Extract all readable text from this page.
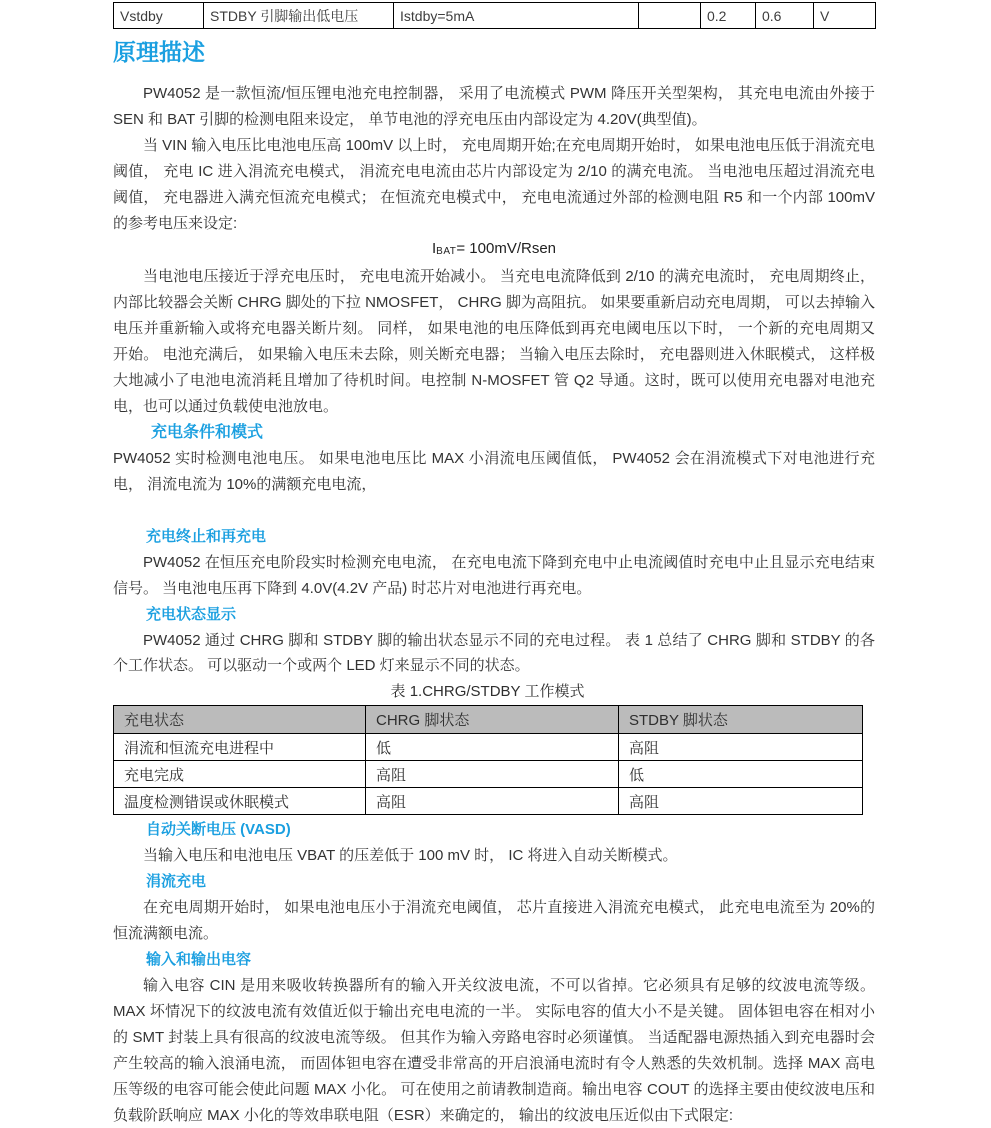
Vstdby	STDBY 引脚输出低电压	Istdby=5mA		0.2	0.6	V
原理描述

PW4052 是一款恒流/恒压锂电池充电控制器， 采用了电流模式 PWM 降压开关型架构， 其充电电流由外接于 SEN 和 BAT 引脚的检测电阻来设定， 单节电池的浮充电压由内部设定为 4.20V(典型值)。

当 VIN 输入电压比电池电压高 100mV 以上时， 充电周期开始;在充电周期开始时， 如果电池电压低于涓流充电阈值， 充电 IC 进入涓流充电模式， 涓流充电电流由芯片内部设定为 2/10 的满充电流。 当电池电压超过涓流充电阈值， 充电器进入满充恒流充电模式； 在恒流充电模式中， 充电电流通过外部的检测电阻 R5 和一个内部 100mV 的参考电压来设定:

$I_{BAT}=$ 100mV/Rsen

当电池电压接近于浮充电压时， 充电电流开始减小。 当充电电流降低到 2/10 的满充电流时， 充电周期终止， 内部比较器会关断 CHRG 脚处的下拉 NMOSFET， CHRG 脚为高阻抗。 如果要重新启动充电周期， 可以去掉输入电压并重新输入或将充电器关断片刻。 同样， 如果电池的电压降低到再充电阈电压以下时， 一个新的充电周期又开始。 电池充满后， 如果输入电压未去除，则关断充电器； 当输入电压去除时， 充电器则进入休眠模式， 这样极大地减小了电池电流消耗且增加了待机时间。电控制 N-MOSFET 管 Q2 导通。这时，既可以使用充电器对电池充电，也可以通过负载使电池放电。

充电条件和模式

PW4052 实时检测电池电压。 如果电池电压比 MAX 小涓流电压阈值低， PW4052 会在涓流模式下对电池进行充电， 涓流电流为 10%的满额充电电流，

充电终止和再充电

PW4052 在恒压充电阶段实时检测充电电流， 在充电电流下降到充电中止电流阈值时充电中止且显示充电结束信号。 当电池电压再下降到 4.0V(4.2V 产品) 时芯片对电池进行再充电。

充电状态显示

PW4052 通过 CHRG 脚和 STDBY 脚的输出状态显示不同的充电过程。 表 1 总结了 CHRG 脚和 STDBY 的各个工作状态。 可以驱动一个或两个 LED 灯来显示不同的状态。

表 1.CHRG/STDBY 工作模式
充电状态	CHRG 脚状态	STDBY 脚状态
涓流和恒流充电进程中	低	高阻
充电完成	高阻	低
温度检测错误或休眠模式	高阻	高阻
自动关断电压 (VASD)

当输入电压和电池电压 VBAT 的压差低于 100 mV 时， IC 将进入自动关断模式。

涓流充电

在充电周期开始时， 如果电池电压小于涓流充电阈值， 芯片直接进入涓流充电模式， 此充电电流至为 20%的恒流满额电流。

输入和输出电容

输入电容 CIN 是用来吸收转换器所有的输入开关纹波电流，不可以省掉。它必须具有足够的纹波电流等级。 MAX 坏情况下的纹波电流有效值近似于输出充电电流的一半。 实际电容的值大小不是关键。 固体钽电容在相对小的 SMT 封装上具有很高的纹波电流等级。 但其作为输入旁路电容时必须谨慎。 当适配器电源热插入到充电器时会产生较高的输入浪涌电流， 而固体钽电容在遭受非常高的开启浪涌电流时有令人熟悉的失效机制。选择 MAX 高电压等级的电容可能会使此问题 MAX 小化。 可在使用之前请教制造商。输出电容 COUT 的选择主要由使纹波电压和负载阶跃响应 MAX 小化的等效串联电阻（ESR）来确定的， 输出的纹波电压近似由下式限定:
